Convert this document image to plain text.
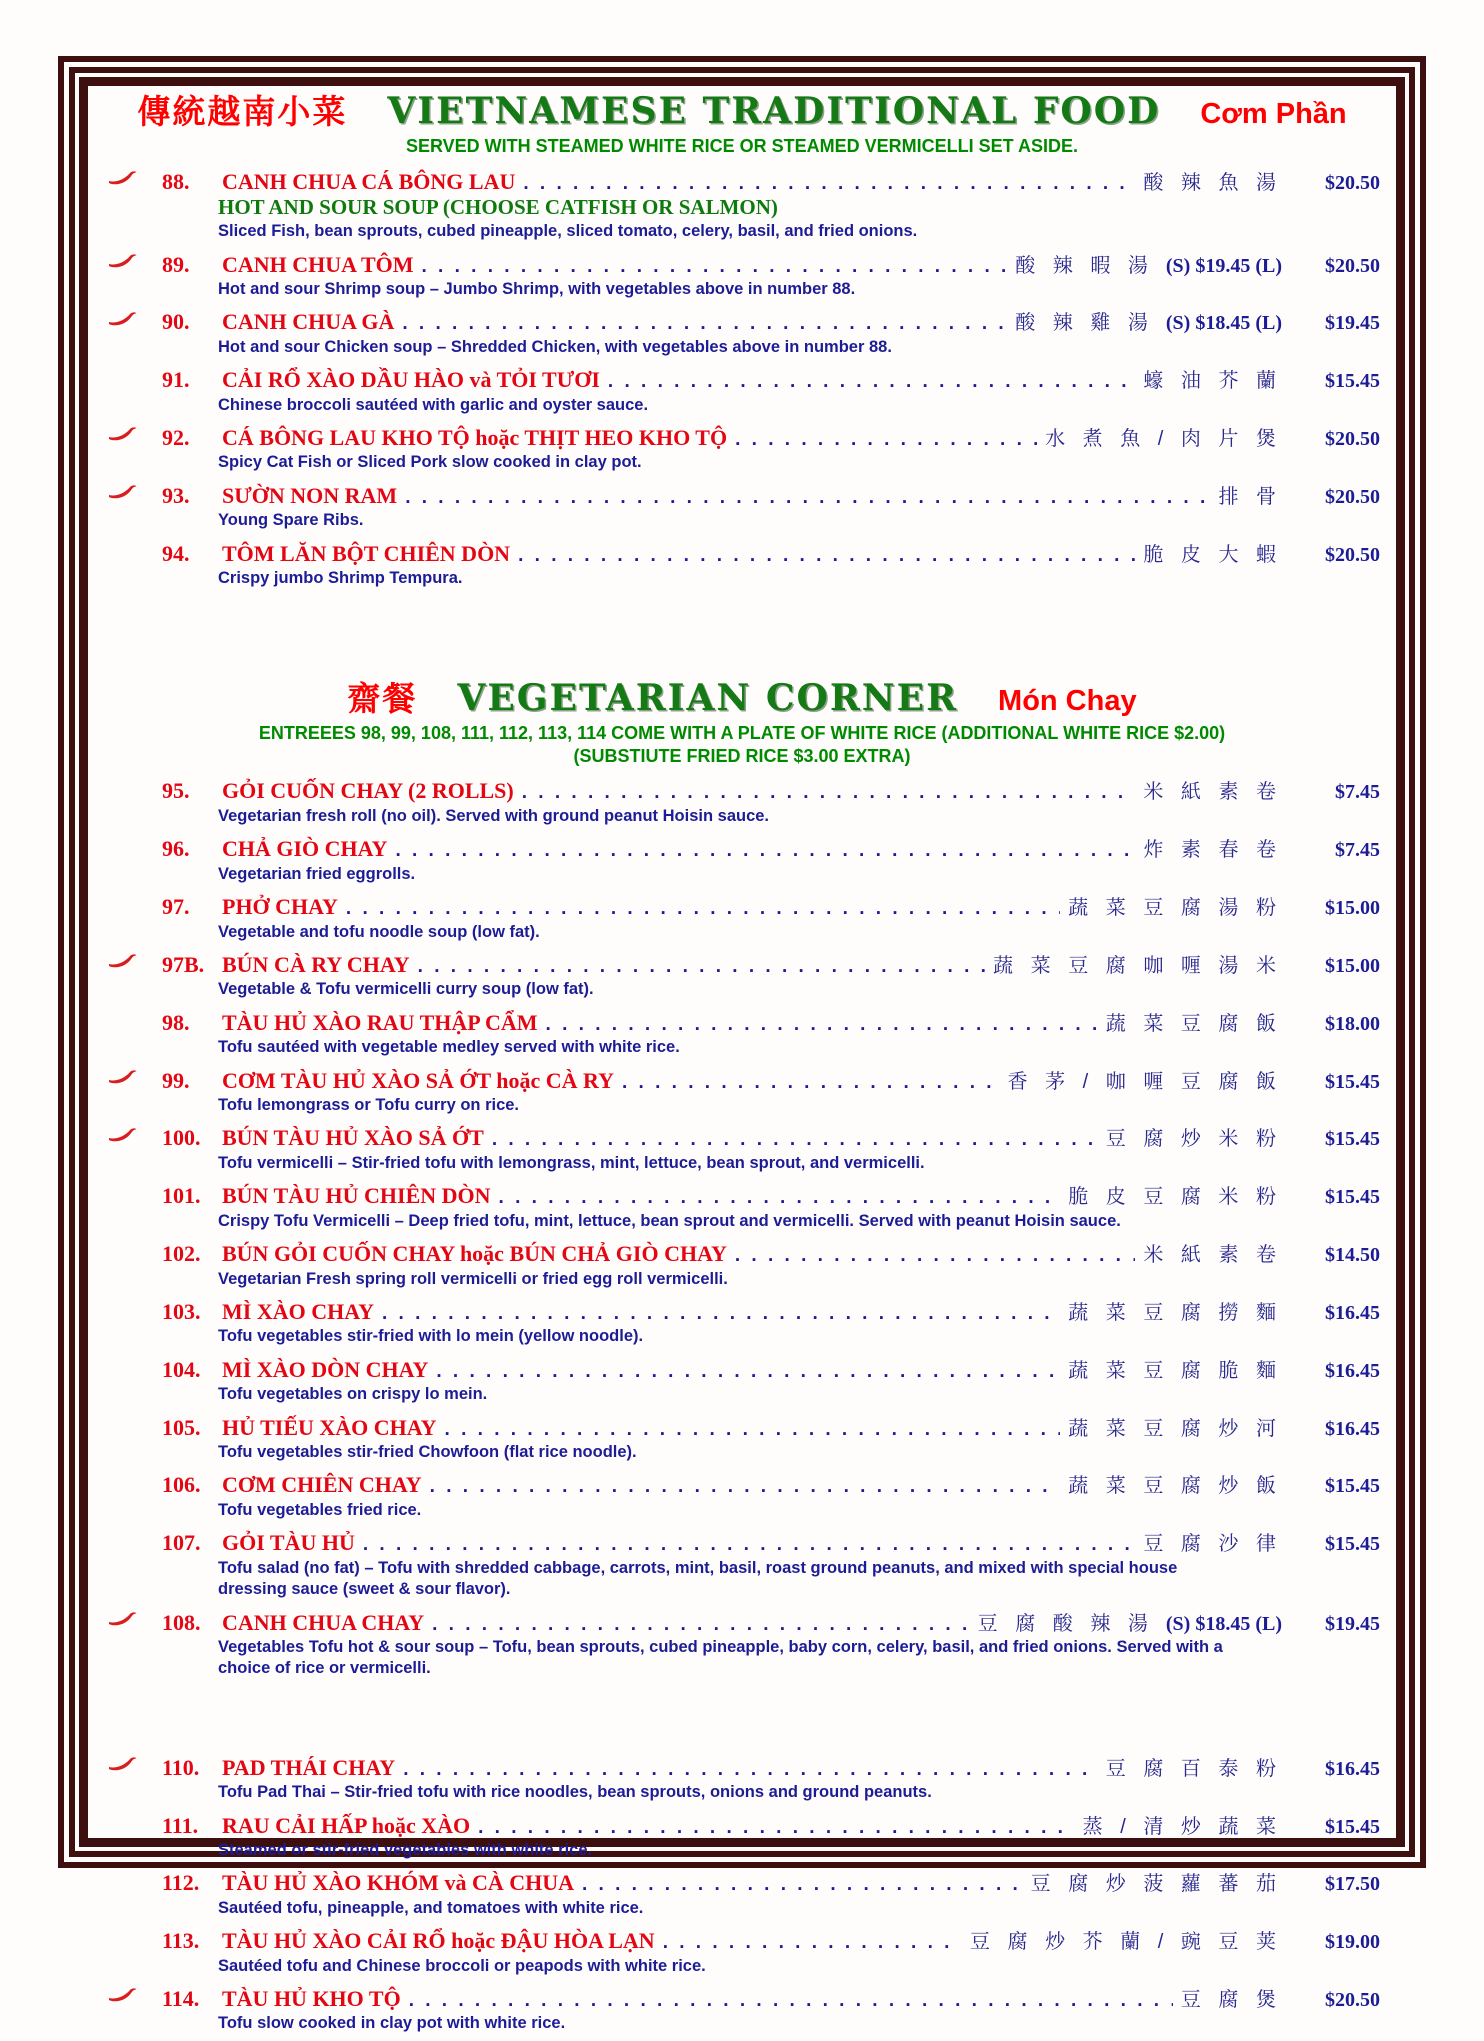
傳統越南小菜 VIETNAMESE TRADITIONAL FOOD Cơm Phần
SERVED WITH STEAMED WHITE RICE OR STEAMED VERMICELLI SET ASIDE.
88.	CANH CHUA CÁ BÔNG LAU . . .	酸 辣 魚 湯	$20.50
HOT AND SOUR SOUP (CHOOSE CATFISH OR SALMON)
Sliced Fish, bean sprouts, cubed pineapple, sliced tomato, celery, basil, and fried onions.
89.	CANH CHUA TÔM . . .	酸 辣 暇 湯 (S) $19.45 (L)	$20.50
Hot and sour Shrimp soup – Jumbo Shrimp, with vegetables above in number 88.
90.	CANH CHUA GÀ . . .	酸 辣 雞 湯 (S) $18.45 (L)	$19.45
Hot and sour Chicken soup – Shredded Chicken, with vegetables above in number 88.
91.	CẢI RỔ XÀO DẦU HÀO và TỎI TƯƠI . . .	蠔 油 芥 蘭	$15.45
Chinese broccoli sautéed with garlic and oyster sauce.
92.	CÁ BÔNG LAU KHO TỘ hoặc THỊT HEO KHO TỘ . . .	水 煮 魚 / 肉 片 煲	$20.50
Spicy Cat Fish or Sliced Pork slow cooked in clay pot.
93.	SƯỜN NON RAM . . .	排 骨	$20.50
Young Spare Ribs.
94.	TÔM LĂN BỘT CHIÊN DÒN . . .	脆 皮 大 蝦	$20.50
Crispy jumbo Shrimp Tempura.
齋餐 VEGETARIAN CORNER Món Chay
ENTREEES 98, 99, 108, 111, 112, 113, 114 COME WITH A PLATE OF WHITE RICE (ADDITIONAL WHITE RICE $2.00)
(SUBSTIUTE FRIED RICE $3.00 EXTRA)
95.	GỎI CUỐN CHAY (2 ROLLS) . . .	米 紙 素 卷	$7.45
Vegetarian fresh roll (no oil). Served with ground peanut Hoisin sauce.
96.	CHẢ GIÒ CHAY . . .	炸 素 春 卷	$7.45
Vegetarian fried eggrolls.
97.	PHỞ CHAY . . .	蔬 菜 豆 腐 湯 粉	$15.00
Vegetable and tofu noodle soup (low fat).
97B. BÚN CÀ RY CHAY . . .	蔬 菜 豆 腐 咖 喱 湯 米	$15.00
Vegetable & Tofu vermicelli curry soup (low fat).
98.	TÀU HỦ XÀO RAU THẬP CẨM . . .	蔬 菜 豆 腐 飯	$18.00
Tofu sautéed with vegetable medley served with white rice.
99.	CƠM TÀU HỦ XÀO SẢ ỚT hoặc CÀ RY . . .	香 茅 / 咖 喱 豆 腐 飯	$15.45
Tofu lemongrass or Tofu curry on rice.
100. BÚN TÀU HỦ XÀO SẢ ỚT . . .	豆 腐 炒 米 粉	$15.45
Tofu vermicelli – Stir-fried tofu with lemongrass, mint, lettuce, bean sprout, and vermicelli.
101. BÚN TÀU HỦ CHIÊN DÒN . . .	脆 皮 豆 腐 米 粉	$15.45
Crispy Tofu Vermicelli – Deep fried tofu, mint, lettuce, bean sprout and vermicelli. Served with peanut Hoisin sauce.
102. BÚN GỎI CUỐN CHAY hoặc BÚN CHẢ GIÒ CHAY . . .	米 紙 素 卷	$14.50
Vegetarian Fresh spring roll vermicelli or fried egg roll vermicelli.
103. MÌ XÀO CHAY . . .	蔬 菜 豆 腐 撈 麵	$16.45
Tofu vegetables stir-fried with lo mein (yellow noodle).
104. MÌ XÀO DÒN CHAY . . .	蔬 菜 豆 腐 脆 麵	$16.45
Tofu vegetables on crispy lo mein.
105. HỦ TIẾU XÀO CHAY . . .	蔬 菜 豆 腐 炒 河	$16.45
Tofu vegetables stir-fried Chowfoon (flat rice noodle).
106. CƠM CHIÊN CHAY . . .	蔬 菜 豆 腐 炒 飯	$15.45
Tofu vegetables fried rice.
107. GỎI TÀU HỦ . . .	豆 腐 沙 律	$15.45
Tofu salad (no fat) – Tofu with shredded cabbage, carrots, mint, basil, roast ground peanuts, and mixed with special house dressing sauce (sweet & sour flavor).
108. CANH CHUA CHAY . . .	豆 腐 酸 辣 湯 (S) $18.45 (L)	$19.45
Vegetables Tofu hot & sour soup – Tofu, bean sprouts, cubed pineapple, baby corn, celery, basil, and fried onions. Served with a choice of rice or vermicelli.
110.	PAD THÁI CHAY . . .	豆 腐 百 泰 粉	$16.45
Tofu Pad Thai – Stir-fried tofu with rice noodles, bean sprouts, onions and ground peanuts.
111.	RAU CẢI HẤP hoặc XÀO . . .	蒸 / 清 炒 蔬 菜	$15.45
Steamed or stir-fried vegetables with white rice.
112.	TÀU HỦ XÀO KHÓM và CÀ CHUA . . .	豆 腐 炒 菠 蘿 蕃 茄	$17.50
Sautéed tofu, pineapple, and tomatoes with white rice.
113.	TÀU HỦ XÀO CẢI RỔ hoặc ĐẬU HÒA LẠN . . .	豆 腐 炒 芥 蘭 / 豌 豆 荚	$19.00
Sautéed tofu and Chinese broccoli or peapods with white rice.
114.	TÀU HỦ KHO TỘ . . .	豆 腐 煲	$20.50
Tofu slow cooked in clay pot with white rice.
